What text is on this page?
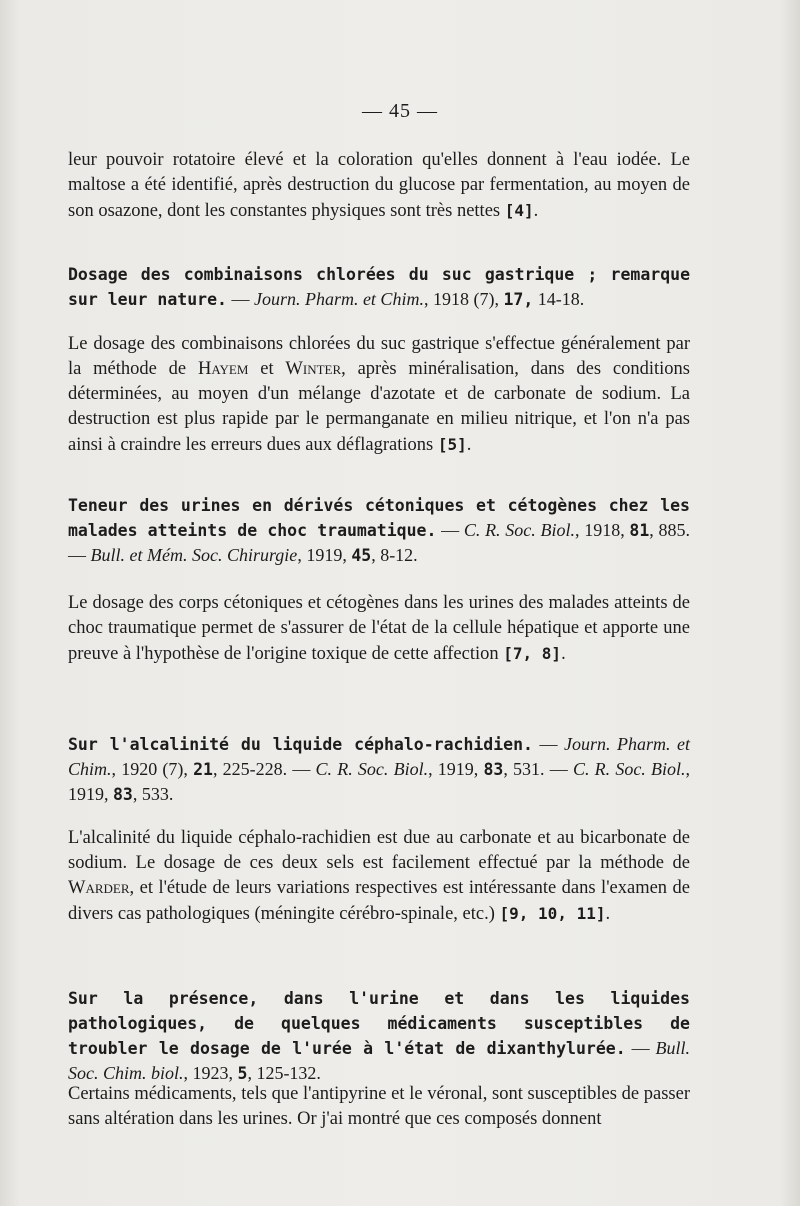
— 45 —

leur pouvoir rotatoire élevé et la coloration qu'elles donnent à l'eau iodée. Le maltose a été identifié, après destruction du glucose par fermentation, au moyen de son osazone, dont les constantes physiques sont très nettes [4].

Dosage des combinaisons chlorées du suc gastrique ; remarque sur leur nature. — Journ. Pharm. et Chim., 1918 (7), 17, 14-18.

Le dosage des combinaisons chlorées du suc gastrique s'effectue généralement par la méthode de Hayem et Winter, après minéralisation, dans des conditions déterminées, au moyen d'un mélange d'azotate et de carbonate de sodium. La destruction est plus rapide par le permanganate en milieu nitrique, et l'on n'a pas ainsi à craindre les erreurs dues aux déflagrations [5].

Teneur des urines en dérivés cétoniques et cétogènes chez les malades atteints de choc traumatique. — C. R. Soc. Biol., 1918, 81, 885. — Bull. et Mém. Soc. Chirurgie, 1919, 45, 8-12.

Le dosage des corps cétoniques et cétogènes dans les urines des malades atteints de choc traumatique permet de s'assurer de l'état de la cellule hépatique et apporte une preuve à l'hypothèse de l'origine toxique de cette affection [7, 8].

Sur l'alcalinité du liquide céphalo-rachidien. — Journ. Pharm. et Chim., 1920 (7), 21, 225-228. — C. R. Soc. Biol., 1919, 83, 531. — C. R. Soc. Biol., 1919, 83, 533.

L'alcalinité du liquide céphalo-rachidien est due au carbonate et au bicarbonate de sodium. Le dosage de ces deux sels est facilement effectué par la méthode de Warder, et l'étude de leurs variations respectives est intéressante dans l'examen de divers cas pathologiques (méningite cérébro-spinale, etc.) [9, 10, 11].

Sur la présence, dans l'urine et dans les liquides pathologiques, de quelques médicaments susceptibles de troubler le dosage de l'urée à l'état de dixanthylurée. — Bull. Soc. Chim. biol., 1923, 5, 125-132.

Certains médicaments, tels que l'antipyrine et le véronal, sont susceptibles de passer sans altération dans les urines. Or j'ai montré que ces composés donnent
